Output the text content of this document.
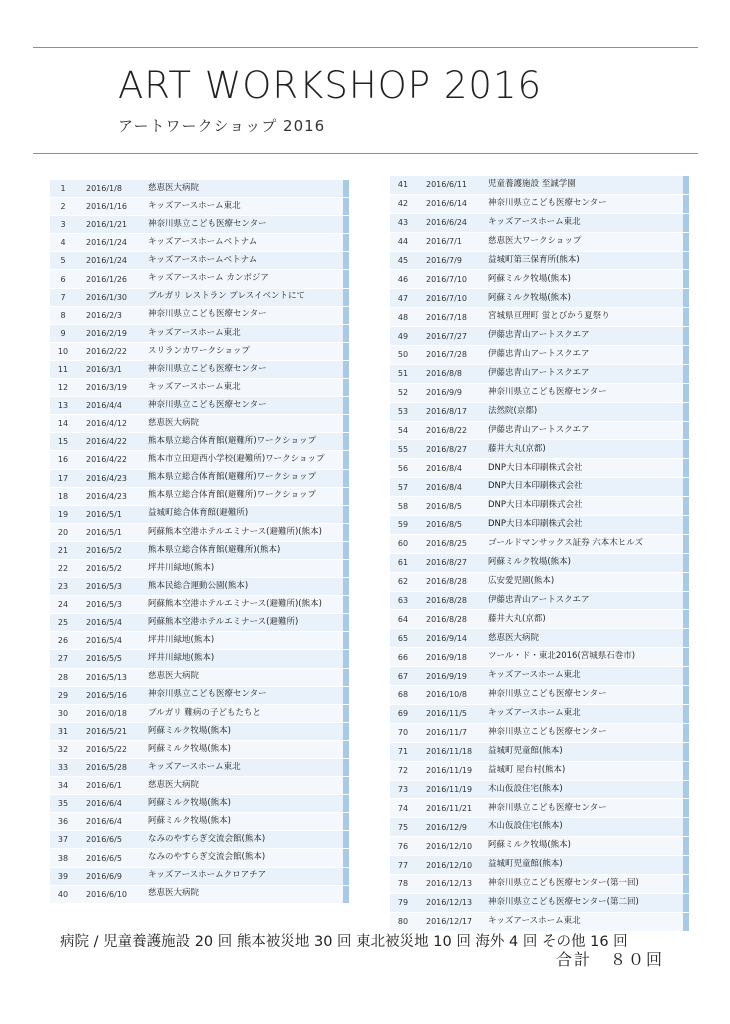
ART WORKSHOP 2016
アートワークショップ 2016
1	2016/1/8	慈恵医大病院
2	2016/1/16	キッズアースホーム東北
3	2016/1/21	神奈川県立こども医療センター
4	2016/1/24	キッズアースホームベトナム
5	2016/1/24	キッズアースホームベトナム
6	2016/1/26	キッズアースホーム カンボジア
7	2016/1/30	ブルガリ レストラン プレスイベントにて
8	2016/2/3	神奈川県立こども医療センター
9	2016/2/19	キッズアースホーム東北
10	2016/2/22	スリランカワークショップ
11	2016/3/1	神奈川県立こども医療センター
12	2016/3/19	キッズアースホーム東北
13	2016/4/4	神奈川県立こども医療センター
14	2016/4/12	慈恵医大病院
15	2016/4/22	熊本県立総合体育館(避難所)ワークショップ
16	2016/4/22	熊本市立田迎西小学校(避難所)ワークショップ
17	2016/4/23	熊本県立総合体育館(避難所)ワークショップ
18	2016/4/23	熊本県立総合体育館(避難所)ワークショップ
19	2016/5/1	益城町総合体育館(避難所)
20	2016/5/1	阿蘇熊本空港ホテルエミナース(避難所)(熊本)
21	2016/5/2	熊本県立総合体育館(避難所)(熊本)
22	2016/5/2	坪井川緑地(熊本)
23	2016/5/3	熊本民総合運動公園(熊本)
24	2016/5/3	阿蘇熊本空港ホテルエミナース(避難所)(熊本)
25	2016/5/4	阿蘇熊本空港ホテルエミナース(避難所)
26	2016/5/4	坪井川緑地(熊本)
27	2016/5/5	坪井川緑地(熊本)
28	2016/5/13	慈恵医大病院
29	2016/5/16	神奈川県立こども医療センター
30	2016/0/18	ブルガリ 難病の子どもたちと
31	2016/5/21	阿蘇ミルク牧場(熊本)
32	2016/5/22	阿蘇ミルク牧場(熊本)
33	2016/5/28	キッズアースホーム東北
34	2016/6/1	慈恵医大病院
35	2016/6/4	阿蘇ミルク牧場(熊本)
36	2016/6/4	阿蘇ミルク牧場(熊本)
37	2016/6/5	なみのやすらぎ交流会館(熊本)
38	2016/6/5	なみのやすらぎ交流会館(熊本)
39	2016/6/9	キッズアースホームクロアチア
40	2016/6/10	慈恵医大病院
41	2016/6/11	児童養護施設 至誠学園
42	2016/6/14	神奈川県立こども医療センター
43	2016/6/24	キッズアースホーム東北
44	2016/7/1	慈恵医大ワークショップ
45	2016/7/9	益城町第三保育所(熊本)
46	2016/7/10	阿蘇ミルク牧場(熊本)
47	2016/7/10	阿蘇ミルク牧場(熊本)
48	2016/7/18	宮城県亘理町 蛍とびかう夏祭り
49	2016/7/27	伊藤忠青山アートスクエア
50	2016/7/28	伊藤忠青山アートスクエア
51	2016/8/8	伊藤忠青山アートスクエア
52	2016/9/9	神奈川県立こども医療センター
53	2016/8/17	法然院(京都)
54	2016/8/22	伊藤忠青山アートスクエア
55	2016/8/27	藤井大丸(京都)
56	2016/8/4	DNP大日本印刷株式会社
57	2016/8/4	DNP大日本印刷株式会社
58	2016/8/5	DNP大日本印刷株式会社
59	2016/8/5	DNP大日本印刷株式会社
60	2016/8/25	ゴールドマンサックス証券 六本木ヒルズ
61	2016/8/27	阿蘇ミルク牧場(熊本)
62	2016/8/28	広安愛児園(熊本)
63	2016/8/28	伊藤忠青山アートスクエア
64	2016/8/28	藤井大丸(京都)
65	2016/9/14	慈恵医大病院
66	2016/9/18	ツール・ド・東北2016(宮城県石巻市)
67	2016/9/19	キッズアースホーム東北
68	2016/10/8	神奈川県立こども医療センター
69	2016/11/5	キッズアースホーム東北
70	2016/11/7	神奈川県立こども医療センター
71	2016/11/18	益城町児童館(熊本)
72	2016/11/19	益城町 屋台村(熊本)
73	2016/11/19	木山仮設住宅(熊本)
74	2016/11/21	神奈川県立こども医療センター
75	2016/12/9	木山仮設住宅(熊本)
76	2016/12/10	阿蘇ミルク牧場(熊本)
77	2016/12/10	益城町児童館(熊本)
78	2016/12/13	神奈川県立こども医療センター(第一回)
79	2016/12/13	神奈川県立こども医療センター(第二回)
80	2016/12/17	キッズアースホーム東北
病院 / 児童養護施設 20 回 熊本被災地 30 回 東北被災地 10 回 海外 4 回 その他 16 回
合計　８０回
